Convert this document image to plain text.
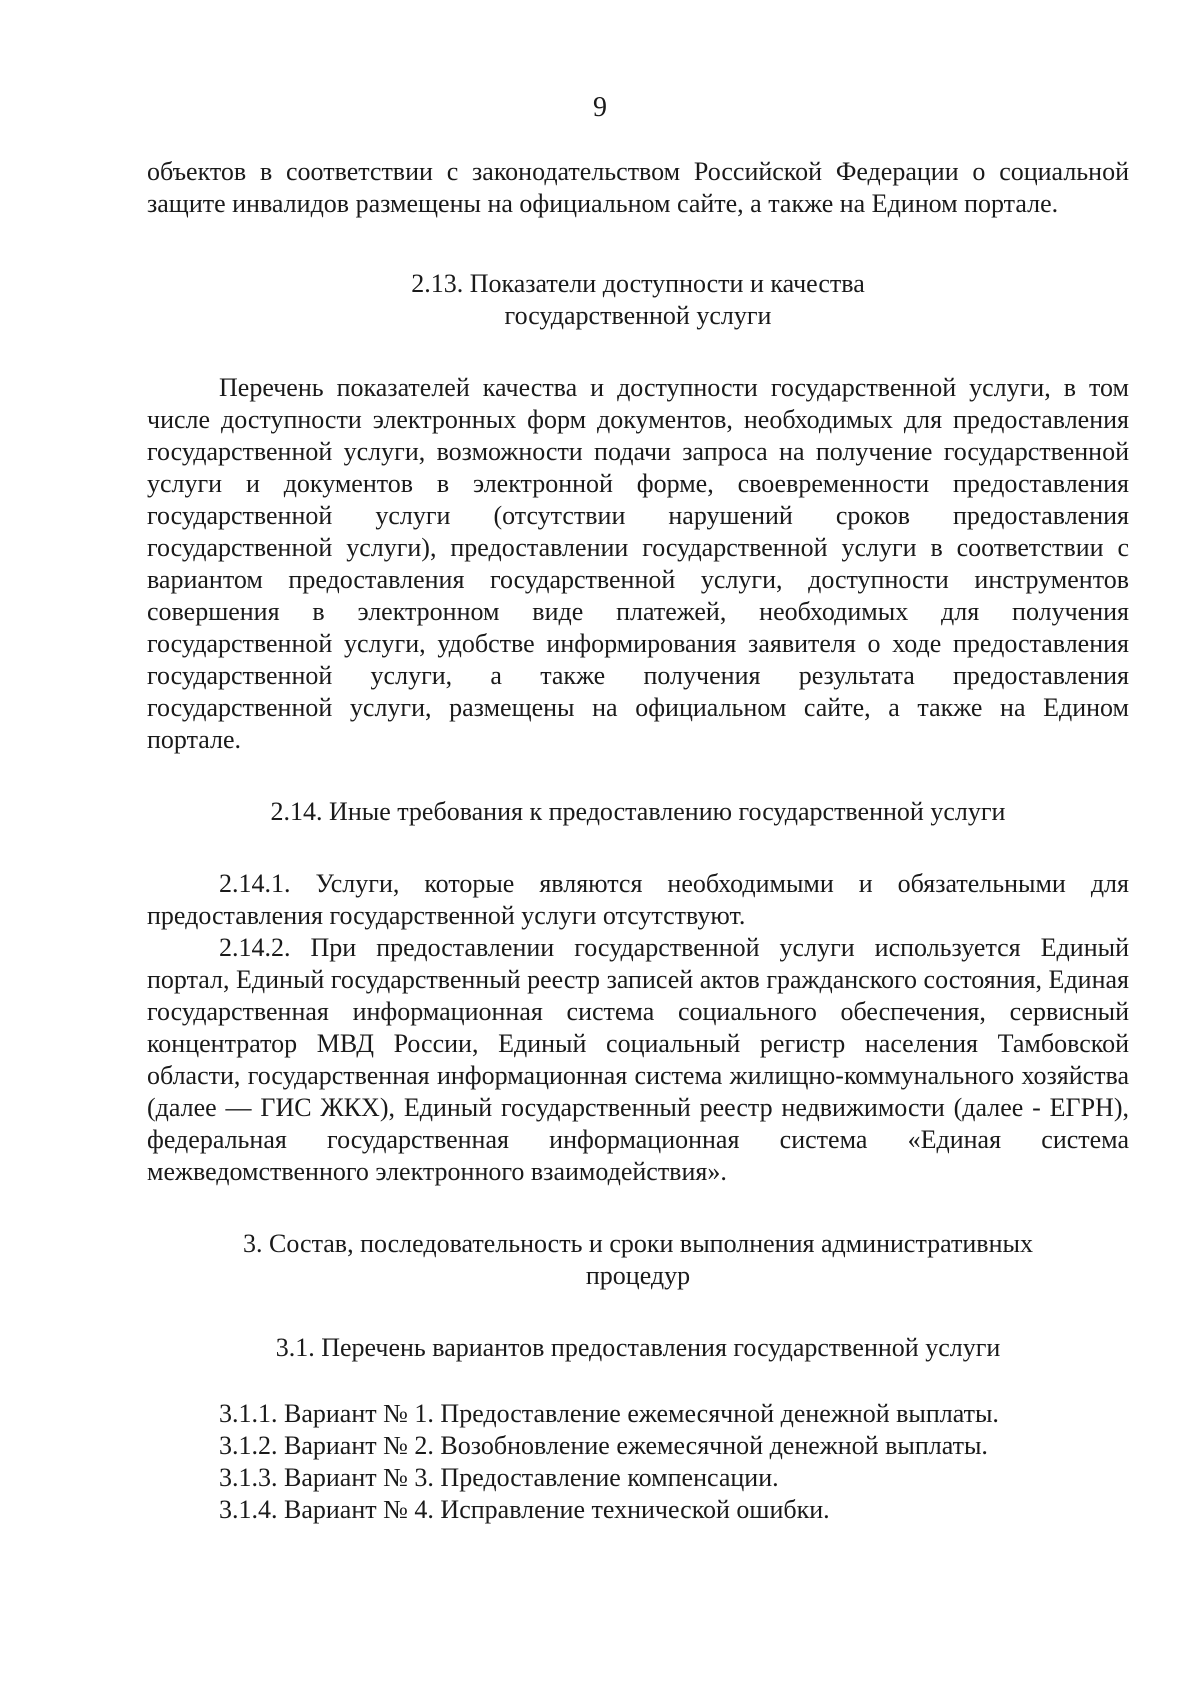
9

объектов в соответствии с законодательством Российской Федерации о социальной защите инвалидов размещены на официальном сайте, а также на Едином портале.

2.13. Показатели доступности и качества

государственной услуги

Перечень показателей качества и доступности государственной услуги, в том числе доступности электронных форм документов, необходимых для предоставления государственной услуги, возможности подачи запроса на получение государственной услуги и документов в электронной форме, своевременности предоставления государственной услуги (отсутствии нарушений сроков предоставления государственной услуги), предоставлении государственной услуги в соответствии с вариантом предоставления государственной услуги, доступности инструментов совершения в электронном виде платежей, необходимых для получения государственной услуги, удобстве информирования заявителя о ходе предоставления государственной услуги, а также получения результата предоставления государственной услуги, размещены на официальном сайте, а также на Едином портале.

2.14. Иные требования к предоставлению государственной услуги

2.14.1. Услуги, которые являются необходимыми и обязательными для предоставления государственной услуги отсутствуют.

2.14.2. При предоставлении государственной услуги используется Единый портал, Единый государственный реестр записей актов гражданского состояния, Единая государственная информационная система социального обеспечения, сервисный концентратор МВД России, Единый социальный регистр населения Тамбовской области, государственная информационная система жилищно-коммунального хозяйства (далее — ГИС ЖКХ), Единый государственный реестр недвижимости (далее - ЕГРН), федеральная государственная информационная система «Единая система межведомственного электронного взаимодействия».

3. Состав, последовательность и сроки выполнения административных

процедур

3.1. Перечень вариантов предоставления государственной услуги

3.1.1. Вариант № 1. Предоставление ежемесячной денежной выплаты.

3.1.2. Вариант № 2. Возобновление ежемесячной денежной выплаты.

3.1.3. Вариант № 3. Предоставление компенсации.

3.1.4. Вариант № 4. Исправление технической ошибки.
